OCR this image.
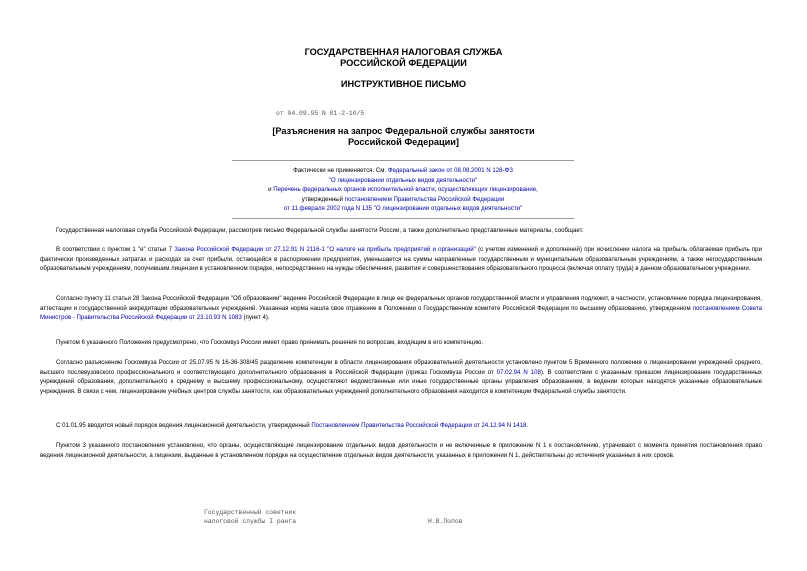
ГОСУДАРСТВЕННАЯ НАЛОГОВАЯ СЛУЖБА
РОССИЙСКОЙ ФЕДЕРАЦИИ
ИНСТРУКТИВНОЕ ПИСЬМО
от 04.09.95 N 01-2-10/5
[Разъяснения на запрос Федеральной службы занятости
Российской Федерации]
Фактически не применяется. См. Федеральный закон от 08.08.2001 N 128-ФЗ
"О лицензировании отдельных видов деятельности"
и Перечень федеральных органов исполнительной власти, осуществляющих лицензирование,
утвержденный постановлением Правительства Российской Федерации
от 11 февраля 2002 года N 135 "О лицензировании отдельных видов деятельности"
Государственная налоговая служба Российской Федерации, рассмотрев письмо Федеральной службы занятости России, а также дополнительно представленные материалы, сообщает.
В соответствии с пунктом 1 "е" статьи 7 Закона Российской Федерации от 27.12.91 N 2116-1 "О налоге на прибыль предприятий и организаций" (с учетом изменений и дополнений) при исчислении налога на прибыль облагаемая прибыль при фактически произведенных затратах и расходах за счет прибыли, остающейся в распоряжении предприятия, уменьшается на суммы направленные государственным и муниципальным образовательным учреждениям, а также негосударственным образовательным учреждениям, получившим лицензии в установленном порядке, непосредственно на нужды обеспечения, развития и совершенствования образовательного процесса (включая оплату труда) в данном образовательном учреждении.
Согласно пункту 11 статьи 28 Закона Российской Федерации "Об образовании" ведение Российской Федерации в лице ее федеральных органов государственной власти и управления подлежит, в частности, установление порядка лицензирования, аттестации и государственной аккредитации образовательных учреждений. Указанная норма нашла свое отражение в Положении о Государственном комитете Российской Федерации по высшему образованию, утвержденном постановлением Совета Министров - Правительства Российской Федерации от 23.10.93 N 1083 (пункт 4).
Пунктом 6 указанного Положения предусмотрено, что Госкомвуз России имеет право принимать решения по вопросам, входящим в его компетенцию.
Согласно разъяснению Госкомвуза России от 25.07.95 N 16-36-308/45 разделение компетенции в области лицензирования образовательной деятельности установлено пунктом 5 Временного положения о лицензировании учреждений среднего, высшего послевузовского профессионального и соответствующего дополнительного образования в Российской Федерации (приказ Госкомвуза России от 07.02.94 N 108). В соответствии с указанным приказом лицензирование государственных учреждений образования, дополнительного к среднему и высшему профессиональному, осуществляют ведомственные или иные государственные органы управления образованием, в ведении которых находятся указанные образовательные учреждения. В связи с чем, лицензирование учебных центров службы занятости, как образовательных учреждений дополнительного образования находится в компетенции Федеральной службы занятости.
С 01.01.95 вводится новый порядок ведения лицензионной деятельности, утвержденный Постановлением Правительства Российской Федерации от 24.12.94 N 1418.
Пунктом 3 указанного постановления установлено, что органы, осуществляющие лицензирование отдельных видов деятельности и не включенные в приложение N 1 к постановлению, утрачивают с момента принятия постановления право ведения лицензионной деятельности, а лицензии, выданные в установленном порядке на осуществление отдельных видов деятельности, указанных в приложении N 1, действительны до истечения указанных в них сроков.
Государственный советник
налоговой службы I ранга	Н.В.Попов
